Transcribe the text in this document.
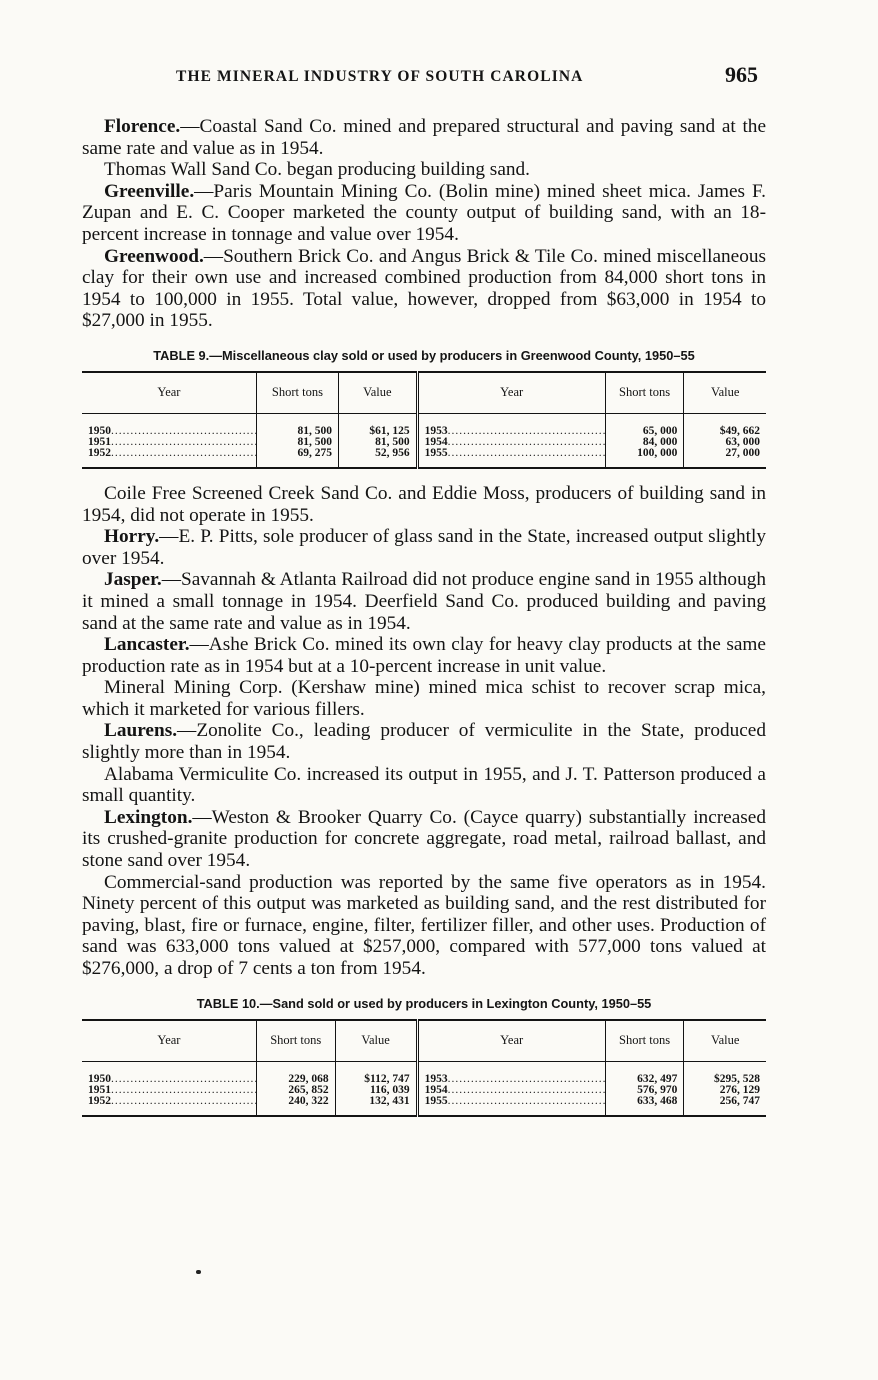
THE MINERAL INDUSTRY OF SOUTH CAROLINA	965

Florence.—Coastal Sand Co. mined and prepared structural and paving sand at the same rate and value as in 1954.

Thomas Wall Sand Co. began producing building sand.

Greenville.—Paris Mountain Mining Co. (Bolin mine) mined sheet mica. James F. Zupan and E. C. Cooper marketed the county output of building sand, with an 18-percent increase in tonnage and value over 1954.

Greenwood.—Southern Brick Co. and Angus Brick & Tile Co. mined miscellaneous clay for their own use and increased combined production from 84,000 short tons in 1954 to 100,000 in 1955. Total value, however, dropped from $63,000 in 1954 to $27,000 in 1955.

TABLE 9.—Miscellaneous clay sold or used by producers in Greenwood County, 1950–55
Year	Short tons	Value	Year	Short tons	Value
1950 .....	81, 500	$61, 125	1953 .....	65, 000	$49, 662
1951 .....	81, 500	81, 500	1954 .....	84, 000	63, 000
1952 .....	69, 275	52, 956	1955 .....	100, 000	27, 000

Coile Free Screened Creek Sand Co. and Eddie Moss, producers of building sand in 1954, did not operate in 1955.

Horry.—E. P. Pitts, sole producer of glass sand in the State, increased output slightly over 1954.

Jasper.—Savannah & Atlanta Railroad did not produce engine sand in 1955 although it mined a small tonnage in 1954. Deerfield Sand Co. produced building and paving sand at the same rate and value as in 1954.

Lancaster.—Ashe Brick Co. mined its own clay for heavy clay products at the same production rate as in 1954 but at a 10-percent increase in unit value.

Mineral Mining Corp. (Kershaw mine) mined mica schist to recover scrap mica, which it marketed for various fillers.

Laurens.—Zonolite Co., leading producer of vermiculite in the State, produced slightly more than in 1954.

Alabama Vermiculite Co. increased its output in 1955, and J. T. Patterson produced a small quantity.

Lexington.—Weston & Brooker Quarry Co. (Cayce quarry) substantially increased its crushed-granite production for concrete aggregate, road metal, railroad ballast, and stone sand over 1954.

Commercial-sand production was reported by the same five operators as in 1954. Ninety percent of this output was marketed as building sand, and the rest distributed for paving, blast, fire or furnace, engine, filter, fertilizer filler, and other uses. Production of sand was 633,000 tons valued at $257,000, compared with 577,000 tons valued at $276,000, a drop of 7 cents a ton from 1954.

TABLE 10.—Sand sold or used by producers in Lexington County, 1950–55
Year	Short tons	Value	Year	Short tons	Value
1950 .....	229, 068	$112, 747	1953 .....	632, 497	$295, 528
1951 .....	265, 852	116, 039	1954 .....	576, 970	276, 129
1952 .....	240, 322	132, 431	1955 .....	633, 468	256, 747
